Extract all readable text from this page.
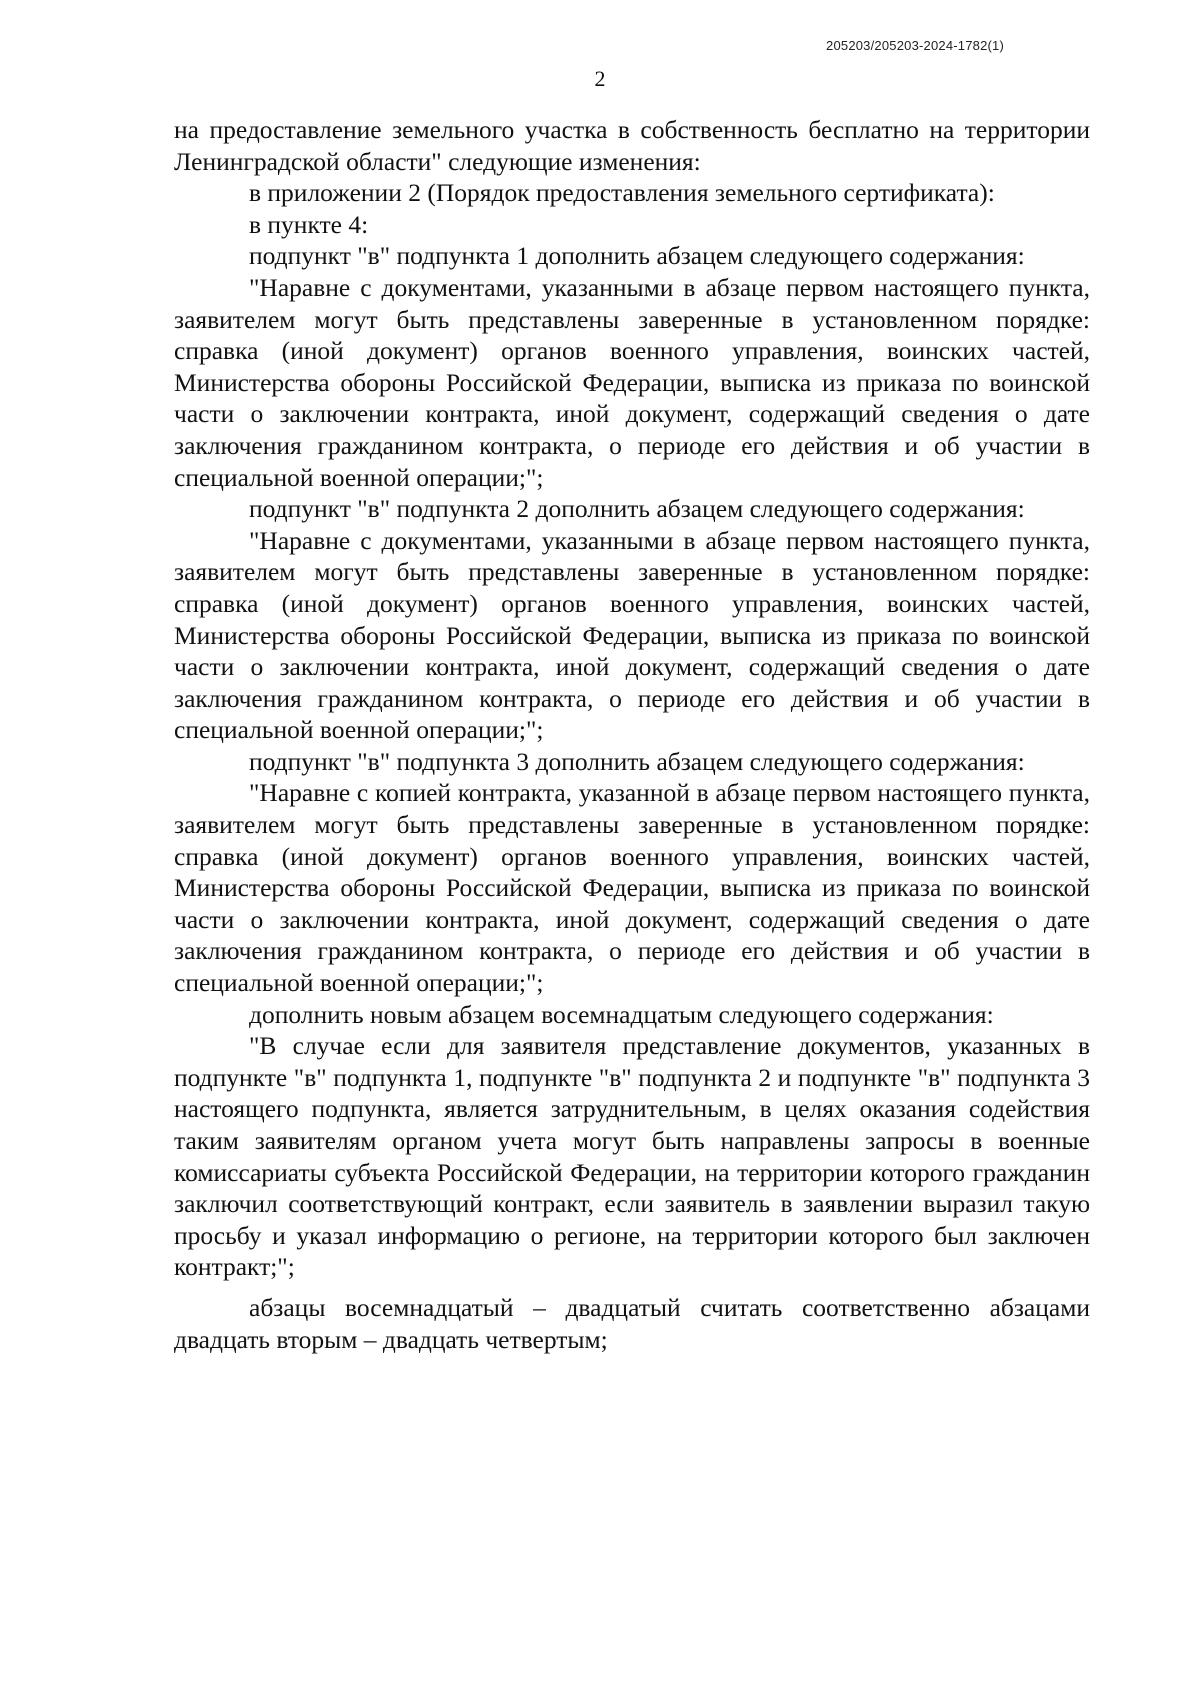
205203/205203-2024-1782(1)
2

на предоставление земельного участка в собственность бесплатно на территории Ленинградской области" следующие изменения:

в приложении 2 (Порядок предоставления земельного сертификата):

в пункте 4:

подпункт "в" подпункта 1 дополнить абзацем следующего содержания:

"Наравне с документами, указанными в абзаце первом настоящего пункта, заявителем могут быть представлены заверенные в установленном порядке: справка (иной документ) органов военного управления, воинских частей, Министерства обороны Российской Федерации, выписка из приказа по воинской части о заключении контракта, иной документ, содержащий сведения о дате заключения гражданином контракта, о периоде его действия и об участии в специальной военной операции;";

подпункт "в" подпункта 2 дополнить абзацем следующего содержания:

"Наравне с документами, указанными в абзаце первом настоящего пункта, заявителем могут быть представлены заверенные в установленном порядке: справка (иной документ) органов военного управления, воинских частей, Министерства обороны Российской Федерации, выписка из приказа по воинской части о заключении контракта, иной документ, содержащий сведения о дате заключения гражданином контракта, о периоде его действия и об участии в специальной военной операции;";

подпункт "в" подпункта 3 дополнить абзацем следующего содержания:

"Наравне с копией контракта, указанной в абзаце первом настоящего пункта, заявителем могут быть представлены заверенные в установленном порядке: справка (иной документ) органов военного управления, воинских частей, Министерства обороны Российской Федерации, выписка из приказа по воинской части о заключении контракта, иной документ, содержащий сведения о дате заключения гражданином контракта, о периоде его действия и об участии в специальной военной операции;";

дополнить новым абзацем восемнадцатым следующего содержания:

"В случае если для заявителя представление документов, указанных в подпункте "в" подпункта 1, подпункте "в" подпункта 2 и подпункте "в" подпункта 3 настоящего подпункта, является затруднительным, в целях оказания содействия таким заявителям органом учета могут быть направлены запросы в военные комиссариаты субъекта Российской Федерации, на территории которого гражданин заключил соответствующий контракт, если заявитель в заявлении выразил такую просьбу и указал информацию о регионе, на территории которого был заключен контракт;";

абзацы восемнадцатый – двадцатый считать соответственно абзацами двадцать вторым – двадцать четвертым;
